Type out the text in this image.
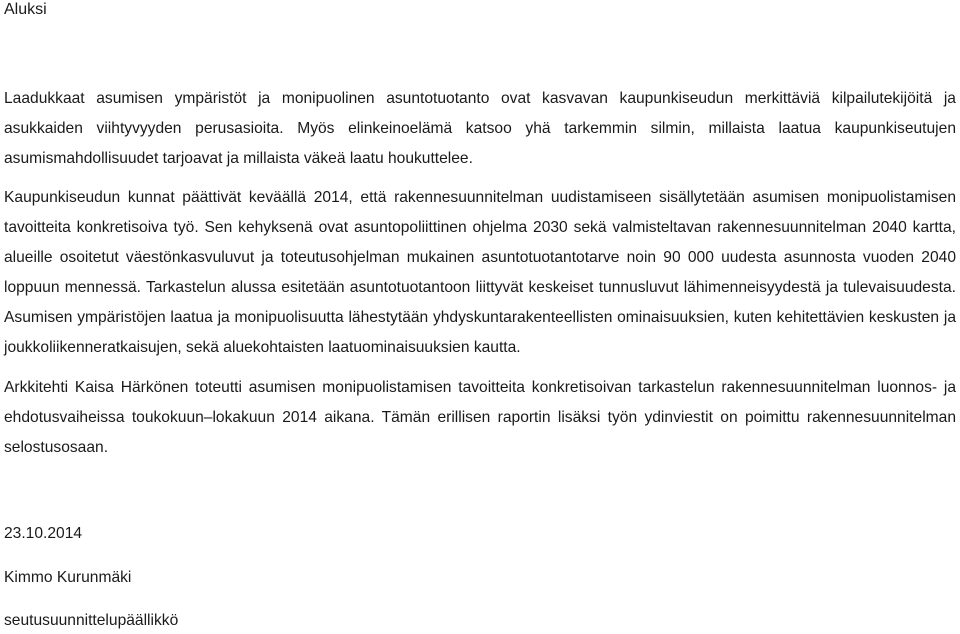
Aluksi

Laadukkaat asumisen ympäristöt ja monipuolinen asuntotuotanto ovat kasvavan kaupunkiseudun merkittäviä kilpailutekijöitä ja asukkaiden viihtyvyyden perusasioita. Myös elinkeinoelämä katsoo yhä tarkemmin silmin, millaista laatua kaupunkiseutujen asumismahdollisuudet tarjoavat ja millaista väkeä laatu houkuttelee.

Kaupunkiseudun kunnat päättivät keväällä 2014, että rakennesuunnitelman uudistamiseen sisällytetään asumisen monipuolistamisen tavoitteita konkretisoiva työ. Sen kehyksenä ovat asuntopoliittinen ohjelma 2030 sekä valmisteltavan rakennesuunnitelman 2040 kartta, alueille osoitetut väestönkasvuluvut ja toteutusohjelman mukainen asuntotuotantotarve noin 90 000 uudesta asunnosta vuoden 2040 loppuun mennessä. Tarkastelun alussa esitetään asuntotuotantoon liittyvät keskeiset tunnusluvut lähimenneisyydestä ja tulevaisuudesta. Asumisen ympäristöjen laatua ja monipuolisuutta lähestytään yhdyskuntarakenteellisten ominaisuuksien, kuten kehitettävien keskusten ja joukkoliikenneratkaisujen, sekä aluekohtaisten laatuominaisuuksien kautta.

Arkkitehti Kaisa Härkönen toteutti asumisen monipuolistamisen tavoitteita konkretisoivan tarkastelun rakennesuunnitelman luonnos- ja ehdotusvaiheissa toukokuun–lokakuun 2014 aikana. Tämän erillisen raportin lisäksi työn ydinviestit on poimittu rakennesuunnitelman selostusosaan.

23.10.2014
Kimmo Kurunmäki
seutusuunnittelupäällikkö
